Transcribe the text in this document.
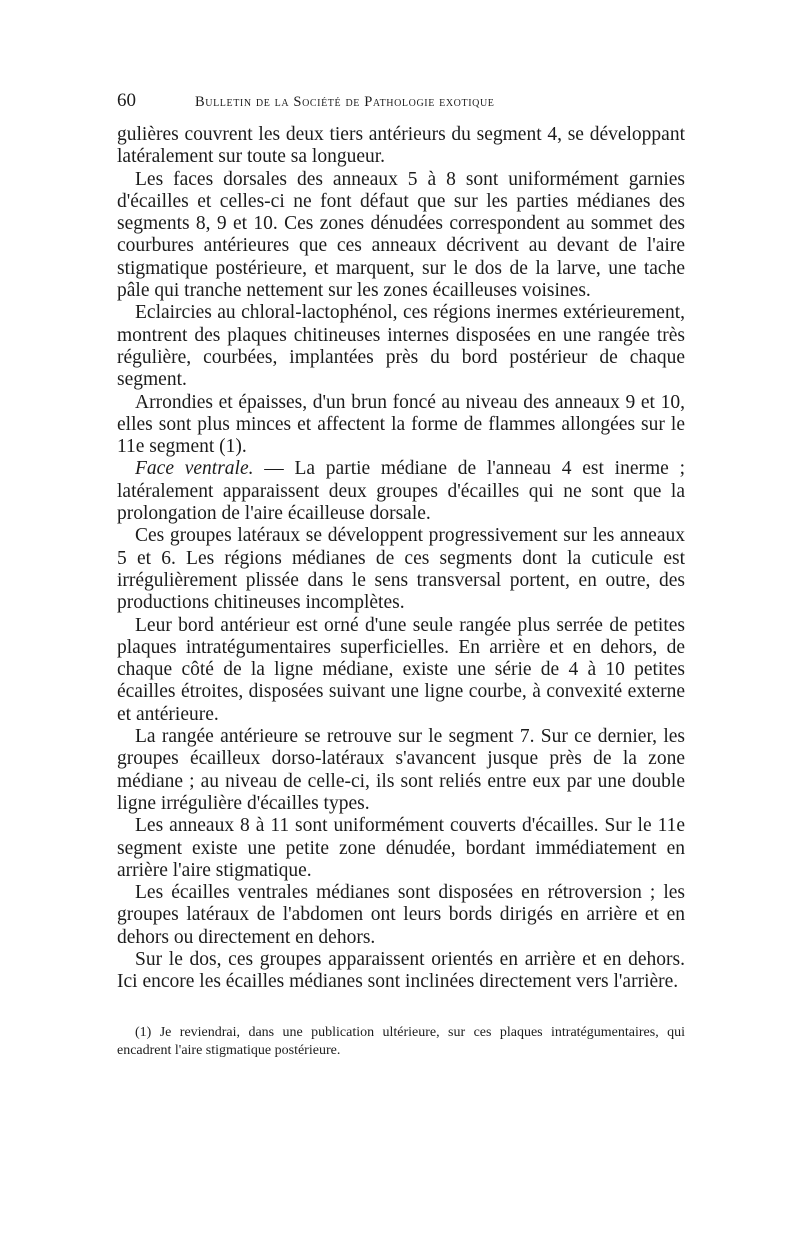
60	Bulletin de la Société de Pathologie exotique

gulières couvrent les deux tiers antérieurs du segment 4, se développant latéralement sur toute sa longueur.

Les faces dorsales des anneaux 5 à 8 sont uniformément garnies d'écailles et celles-ci ne font défaut que sur les parties médianes des segments 8, 9 et 10. Ces zones dénudées correspondent au sommet des courbures antérieures que ces anneaux décrivent au devant de l'aire stigmatique postérieure, et marquent, sur le dos de la larve, une tache pâle qui tranche nettement sur les zones écailleuses voisines.

Eclaircies au chloral-lactophénol, ces régions inermes extérieurement, montrent des plaques chitineuses internes disposées en une rangée très régulière, courbées, implantées près du bord postérieur de chaque segment.

Arrondies et épaisses, d'un brun foncé au niveau des anneaux 9 et 10, elles sont plus minces et affectent la forme de flammes allongées sur le 11e segment (1).

Face ventrale. — La partie médiane de l'anneau 4 est inerme ; latéralement apparaissent deux groupes d'écailles qui ne sont que la prolongation de l'aire écailleuse dorsale.

Ces groupes latéraux se développent progressivement sur les anneaux 5 et 6. Les régions médianes de ces segments dont la cuticule est irrégulièrement plissée dans le sens transversal portent, en outre, des productions chitineuses incomplètes.

Leur bord antérieur est orné d'une seule rangée plus serrée de petites plaques intratégumentaires superficielles. En arrière et en dehors, de chaque côté de la ligne médiane, existe une série de 4 à 10 petites écailles étroites, disposées suivant une ligne courbe, à convexité externe et antérieure.

La rangée antérieure se retrouve sur le segment 7. Sur ce dernier, les groupes écailleux dorso-latéraux s'avancent jusque près de la zone médiane ; au niveau de celle-ci, ils sont reliés entre eux par une double ligne irrégulière d'écailles types.

Les anneaux 8 à 11 sont uniformément couverts d'écailles. Sur le 11e segment existe une petite zone dénudée, bordant immédiatement en arrière l'aire stigmatique.

Les écailles ventrales médianes sont disposées en rétroversion ; les groupes latéraux de l'abdomen ont leurs bords dirigés en arrière et en dehors ou directement en dehors.

Sur le dos, ces groupes apparaissent orientés en arrière et en dehors. Ici encore les écailles médianes sont inclinées directement vers l'arrière.

(1) Je reviendrai, dans une publication ultérieure, sur ces plaques intratégumentaires, qui encadrent l'aire stigmatique postérieure.
